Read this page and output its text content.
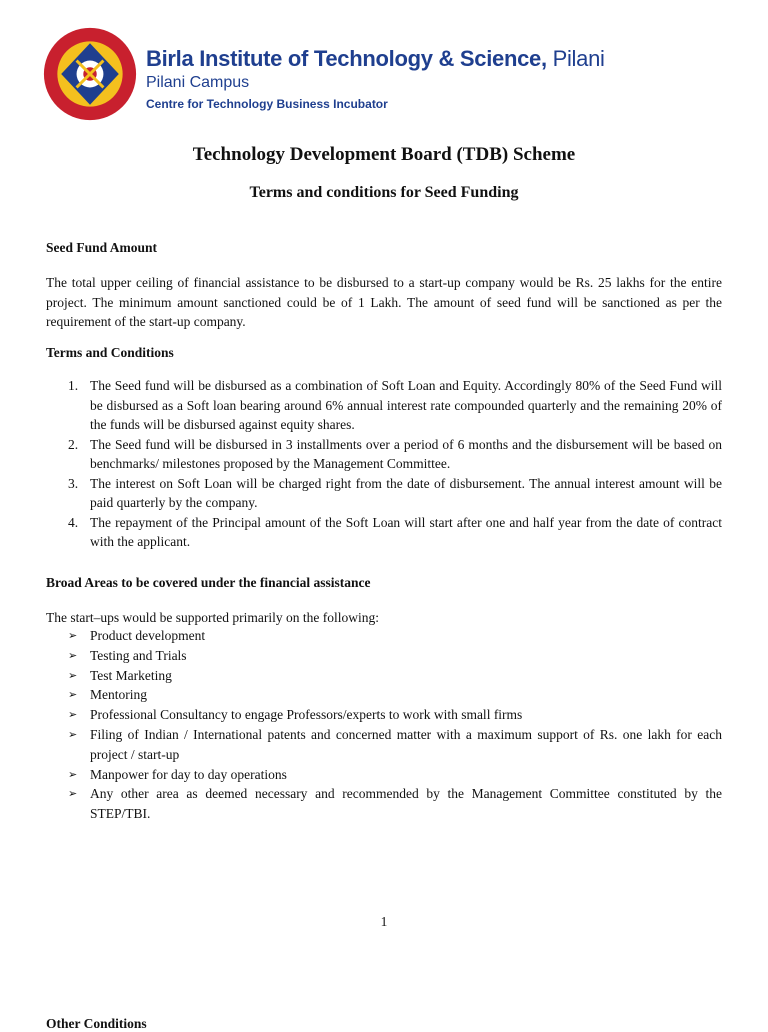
Birla Institute of Technology & Science, Pilani
Pilani Campus
Centre for Technology Business Incubator
Technology Development Board (TDB) Scheme
Terms and conditions for Seed Funding
Seed Fund Amount
The total upper ceiling of financial assistance to be disbursed to a start-up company would be Rs. 25 lakhs for the entire project. The minimum amount sanctioned could be of 1 Lakh. The amount of seed fund will be sanctioned as per the requirement of the start-up company.
Terms and Conditions
1. The Seed fund will be disbursed as a combination of Soft Loan and Equity. Accordingly 80% of the Seed Fund will be disbursed as a Soft loan bearing around 6% annual interest rate compounded quarterly and the remaining 20% of the funds will be disbursed against equity shares.
2. The Seed fund will be disbursed in 3 installments over a period of 6 months and the disbursement will be based on benchmarks/ milestones proposed by the Management Committee.
3. The interest on Soft Loan will be charged right from the date of disbursement. The annual interest amount will be paid quarterly by the company.
4. The repayment of the Principal amount of the Soft Loan will start after one and half year from the date of contract with the applicant.
Broad Areas to be covered under the financial assistance
The start–ups would be supported primarily on the following:
➢ Product development
➢ Testing and Trials
➢ Test Marketing
➢ Mentoring
➢ Professional Consultancy to engage Professors/experts to work with small firms
➢ Filing of Indian / International patents and concerned matter with a maximum support of Rs. one lakh for each project / start-up
➢ Manpower for day to day operations
➢ Any other area as deemed necessary and recommended by the Management Committee constituted by the STEP/TBI.
1
Other Conditions
